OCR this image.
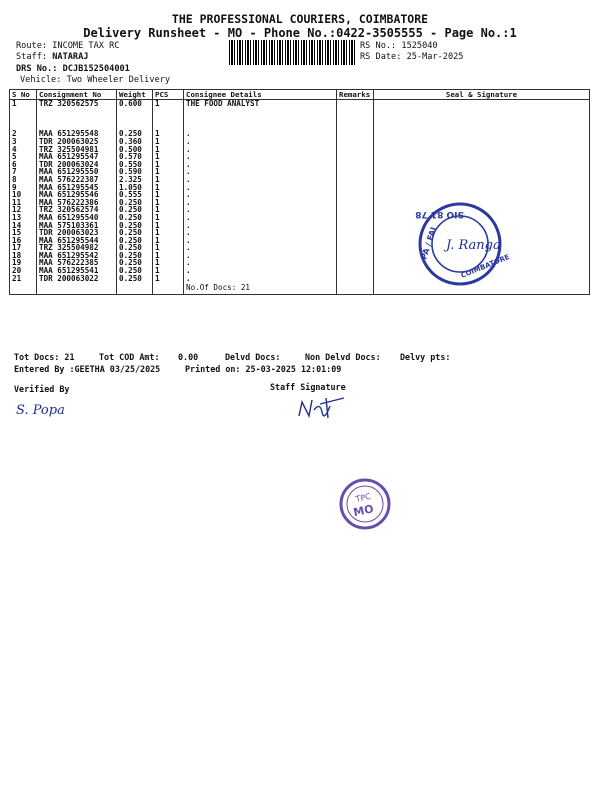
THE PROFESSIONAL COURIERS, COIMBATORE
Delivery Runsheet - MO - Phone No.:0422-3505555 - Page No.:1
Route: INCOME TAX RC
Staff: NATARAJ
DRS No.: DCJB152504001
Vehicle: Two Wheeler Delivery
RS No.: 1525040
RS Date: 25-Mar-2025
S No	Consignment No	Weight	PCS	Consignee Details	Remarks	Seal & Signature
1	TRZ 320562575	0.600	1	THE FOOD ANALYST		

2	MAA 651295548	0.250	1	.		
3	TDR 200063025	0.360	1	.		
4	TRZ 325504981	0.500	1	.		
5	MAA 651295547	0.570	1	.		
6	TDR 200063024	0.550	1	.		
7	MAA 651295550	0.590	1	.		
8	MAA 576222387	2.325	1	.		
9	MAA 651295545	1.050	1	.		
10	MAA 651295546	0.555	1	.		
11	MAA 576222386	0.250	1	.		
12	TRZ 320562574	0.250	1	.		
13	MAA 651295540	0.250	1	.		
14	MAA 575103361	0.250	1	.		
15	TDR 200063023	0.250	1	.		
16	MAA 651295544	0.250	1	.		
17	TRZ 325504982	0.250	1	.		
18	MAA 651295542	0.250	1	.		
19	MAA 576222385	0.250	1	.		
20	MAA 651295541	0.250	1	.		
21	TDR 200063022	0.250	1	.		
				No.Of Docs: 21		
Tot Docs: 21	Tot COD Amt: 0.00	Delvd Docs:	Non Delvd Docs: Delvy pts:
Entered By :GEETHA 03/25/2025	Printed on: 25-03-2025 12:01:09
Verified By	Staff Signature
S. Popa
SIO 81 78
PA / FAI
COIMBATORE
J. Ranga
TPC
MO
